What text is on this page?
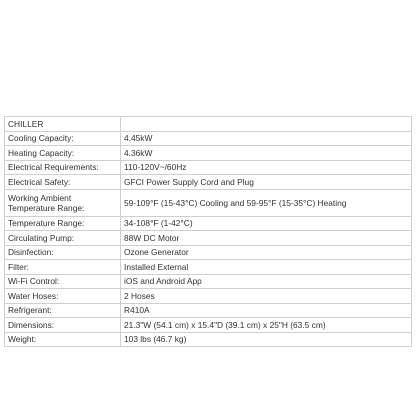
CHILLER	
Cooling Capacity:	4.45kW
Heating Capacity:	4.36kW
Electrical Requirements:	110-120V~/60Hz
Electrical Safety:	GFCI Power Supply Cord and Plug
Working Ambient Temperature Range:	59-109°F (15-43°C) Cooling and 59-95°F (15-35°C) Heating
Temperature Range:	34-108°F (1-42°C)
Circulating Pump:	88W DC Motor
Disinfection:	Ozone Generator
Filter:	Installed External
Wi-Fi Control:	iOS and Android App
Water Hoses:	2 Hoses
Refrigerant:	R410A
Dimensions:	21.3"W (54.1 cm) x 15.4"D (39.1 cm) x 25"H (63.5 cm)
Weight:	103 lbs (46.7 kg)
